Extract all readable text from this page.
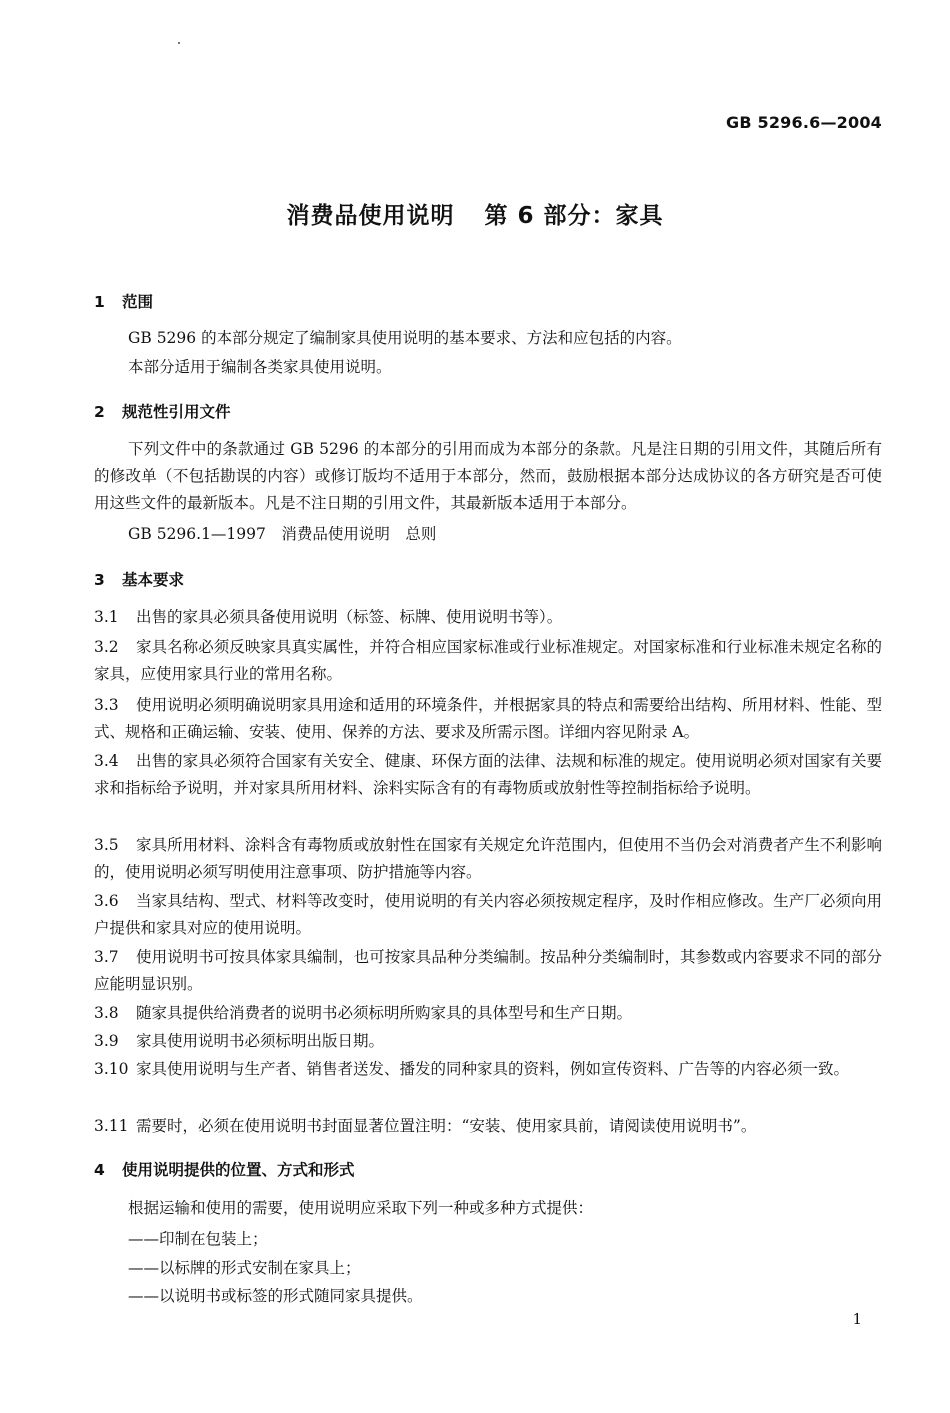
GB 5296.6—2004
消费品使用说明 第 6 部分：家具
1 范围
GB 5296 的本部分规定了编制家具使用说明的基本要求、方法和应包括的内容。
本部分适用于编制各类家具使用说明。
2 规范性引用文件
下列文件中的条款通过 GB 5296 的本部分的引用而成为本部分的条款。凡是注日期的引用文件，其随后所有的修改单（不包括勘误的内容）或修订版均不适用于本部分，然而，鼓励根据本部分达成协议的各方研究是否可使用这些文件的最新版本。凡是不注日期的引用文件，其最新版本适用于本部分。
GB 5296.1—1997　消费品使用说明　总则
3 基本要求
3.1 出售的家具必须具备使用说明（标签、标牌、使用说明书等）。
3.2 家具名称必须反映家具真实属性，并符合相应国家标准或行业标准规定。对国家标准和行业标准未规定名称的家具，应使用家具行业的常用名称。
3.3 使用说明必须明确说明家具用途和适用的环境条件，并根据家具的特点和需要给出结构、所用材料、性能、型式、规格和正确运输、安装、使用、保养的方法、要求及所需示图。详细内容见附录 A。
3.4 出售的家具必须符合国家有关安全、健康、环保方面的法律、法规和标准的规定。使用说明必须对国家有关要求和指标给予说明，并对家具所用材料、涂料实际含有的有毒物质或放射性等控制指标给予说明。
3.5 家具所用材料、涂料含有毒物质或放射性在国家有关规定允许范围内，但使用不当仍会对消费者产生不利影响的，使用说明必须写明使用注意事项、防护措施等内容。
3.6 当家具结构、型式、材料等改变时，使用说明的有关内容必须按规定程序，及时作相应修改。生产厂必须向用户提供和家具对应的使用说明。
3.7 使用说明书可按具体家具编制，也可按家具品种分类编制。按品种分类编制时，其参数或内容要求不同的部分应能明显识别。
3.8 随家具提供给消费者的说明书必须标明所购家具的具体型号和生产日期。
3.9 家具使用说明书必须标明出版日期。
3.10 家具使用说明与生产者、销售者送发、播发的同种家具的资料，例如宣传资料、广告等的内容必须一致。
3.11 需要时，必须在使用说明书封面显著位置注明：“安装、使用家具前，请阅读使用说明书”。
4 使用说明提供的位置、方式和形式
根据运输和使用的需要，使用说明应采取下列一种或多种方式提供：
——印制在包装上；
——以标牌的形式安制在家具上；
——以说明书或标签的形式随同家具提供。
1
